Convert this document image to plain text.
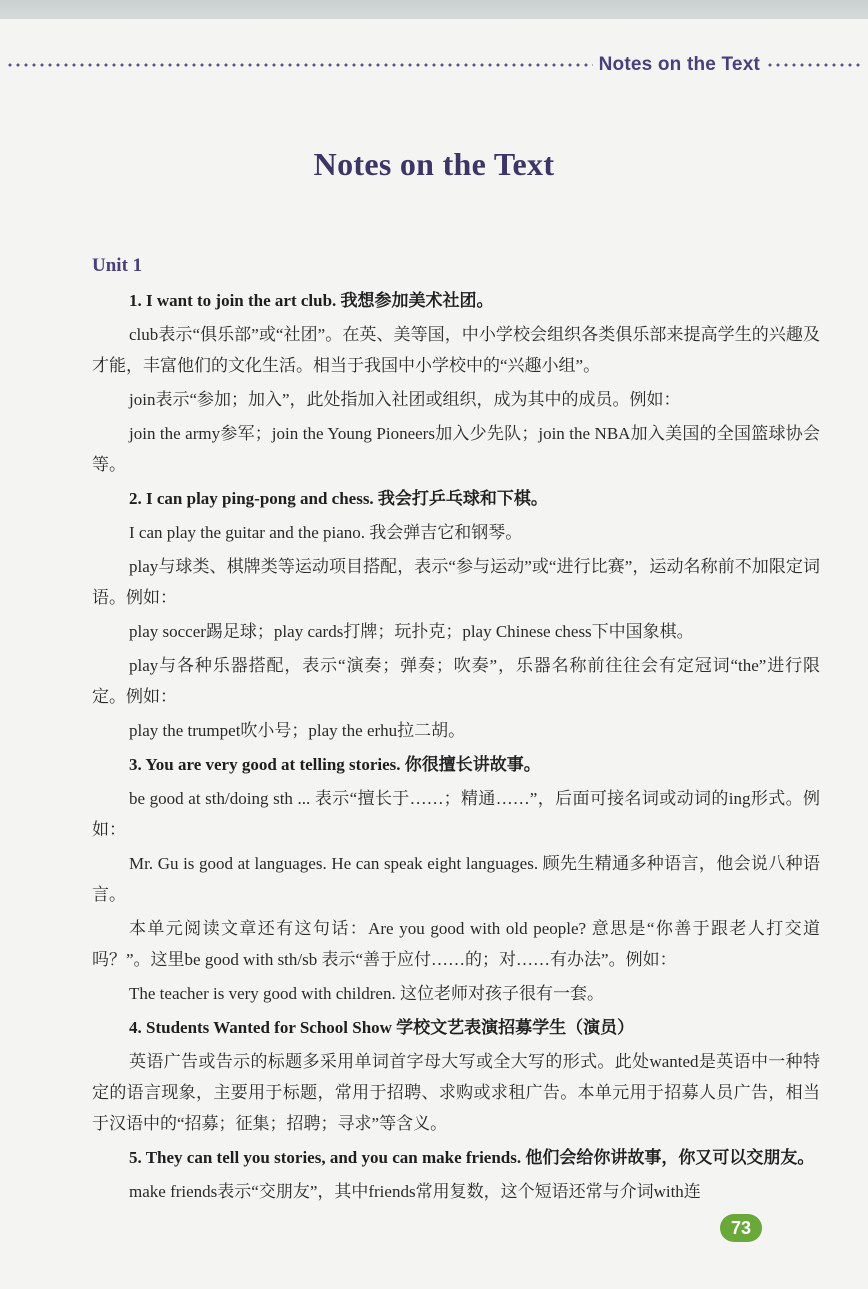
Notes on the Text
Notes on the Text
Unit 1

1. I want to join the art club. 我想参加美术社团。

club表示“俱乐部”或“社团”。在英、美等国，中小学校会组织各类俱乐部来提高学生的兴趣及才能，丰富他们的文化生活。相当于我国中小学校中的“兴趣小组”。

join表示“参加；加入”，此处指加入社团或组织，成为其中的成员。例如：

join the army参军；join the Young Pioneers加入少先队；join the NBA加入美国的全国篮球协会等。

2. I can play ping-pong and chess. 我会打乒乓球和下棋。

I can play the guitar and the piano. 我会弹吉它和钢琴。

play与球类、棋牌类等运动项目搭配，表示“参与运动”或“进行比赛”，运动名称前不加限定词语。例如：

play soccer踢足球；play cards打牌；玩扑克；play Chinese chess下中国象棋。

play与各种乐器搭配，表示“演奏；弹奏；吹奏”，乐器名称前往往会有定冠词“the”进行限定。例如：

play the trumpet吹小号；play the erhu拉二胡。

3. You are very good at telling stories. 你很擅长讲故事。

be good at sth/doing sth ... 表示“擅长于……；精通……”，后面可接名词或动词的ing形式。例如：

Mr. Gu is good at languages. He can speak eight languages. 顾先生精通多种语言，他会说八种语言。

本单元阅读文章还有这句话：Are you good with old people? 意思是“你善于跟老人打交道吗？”。这里be good with sth/sb 表示“善于应付……的；对……有办法”。例如：

The teacher is very good with children. 这位老师对孩子很有一套。

4. Students Wanted for School Show 学校文艺表演招募学生（演员）

英语广告或告示的标题多采用单词首字母大写或全大写的形式。此处wanted是英语中一种特定的语言现象，主要用于标题，常用于招聘、求购或求租广告。本单元用于招募人员广告，相当于汉语中的“招募；征集；招聘；寻求”等含义。

5. They can tell you stories, and you can make friends. 他们会给你讲故事，你又可以交朋友。

make friends表示“交朋友”，其中friends常用复数，这个短语还常与介词with连

73
